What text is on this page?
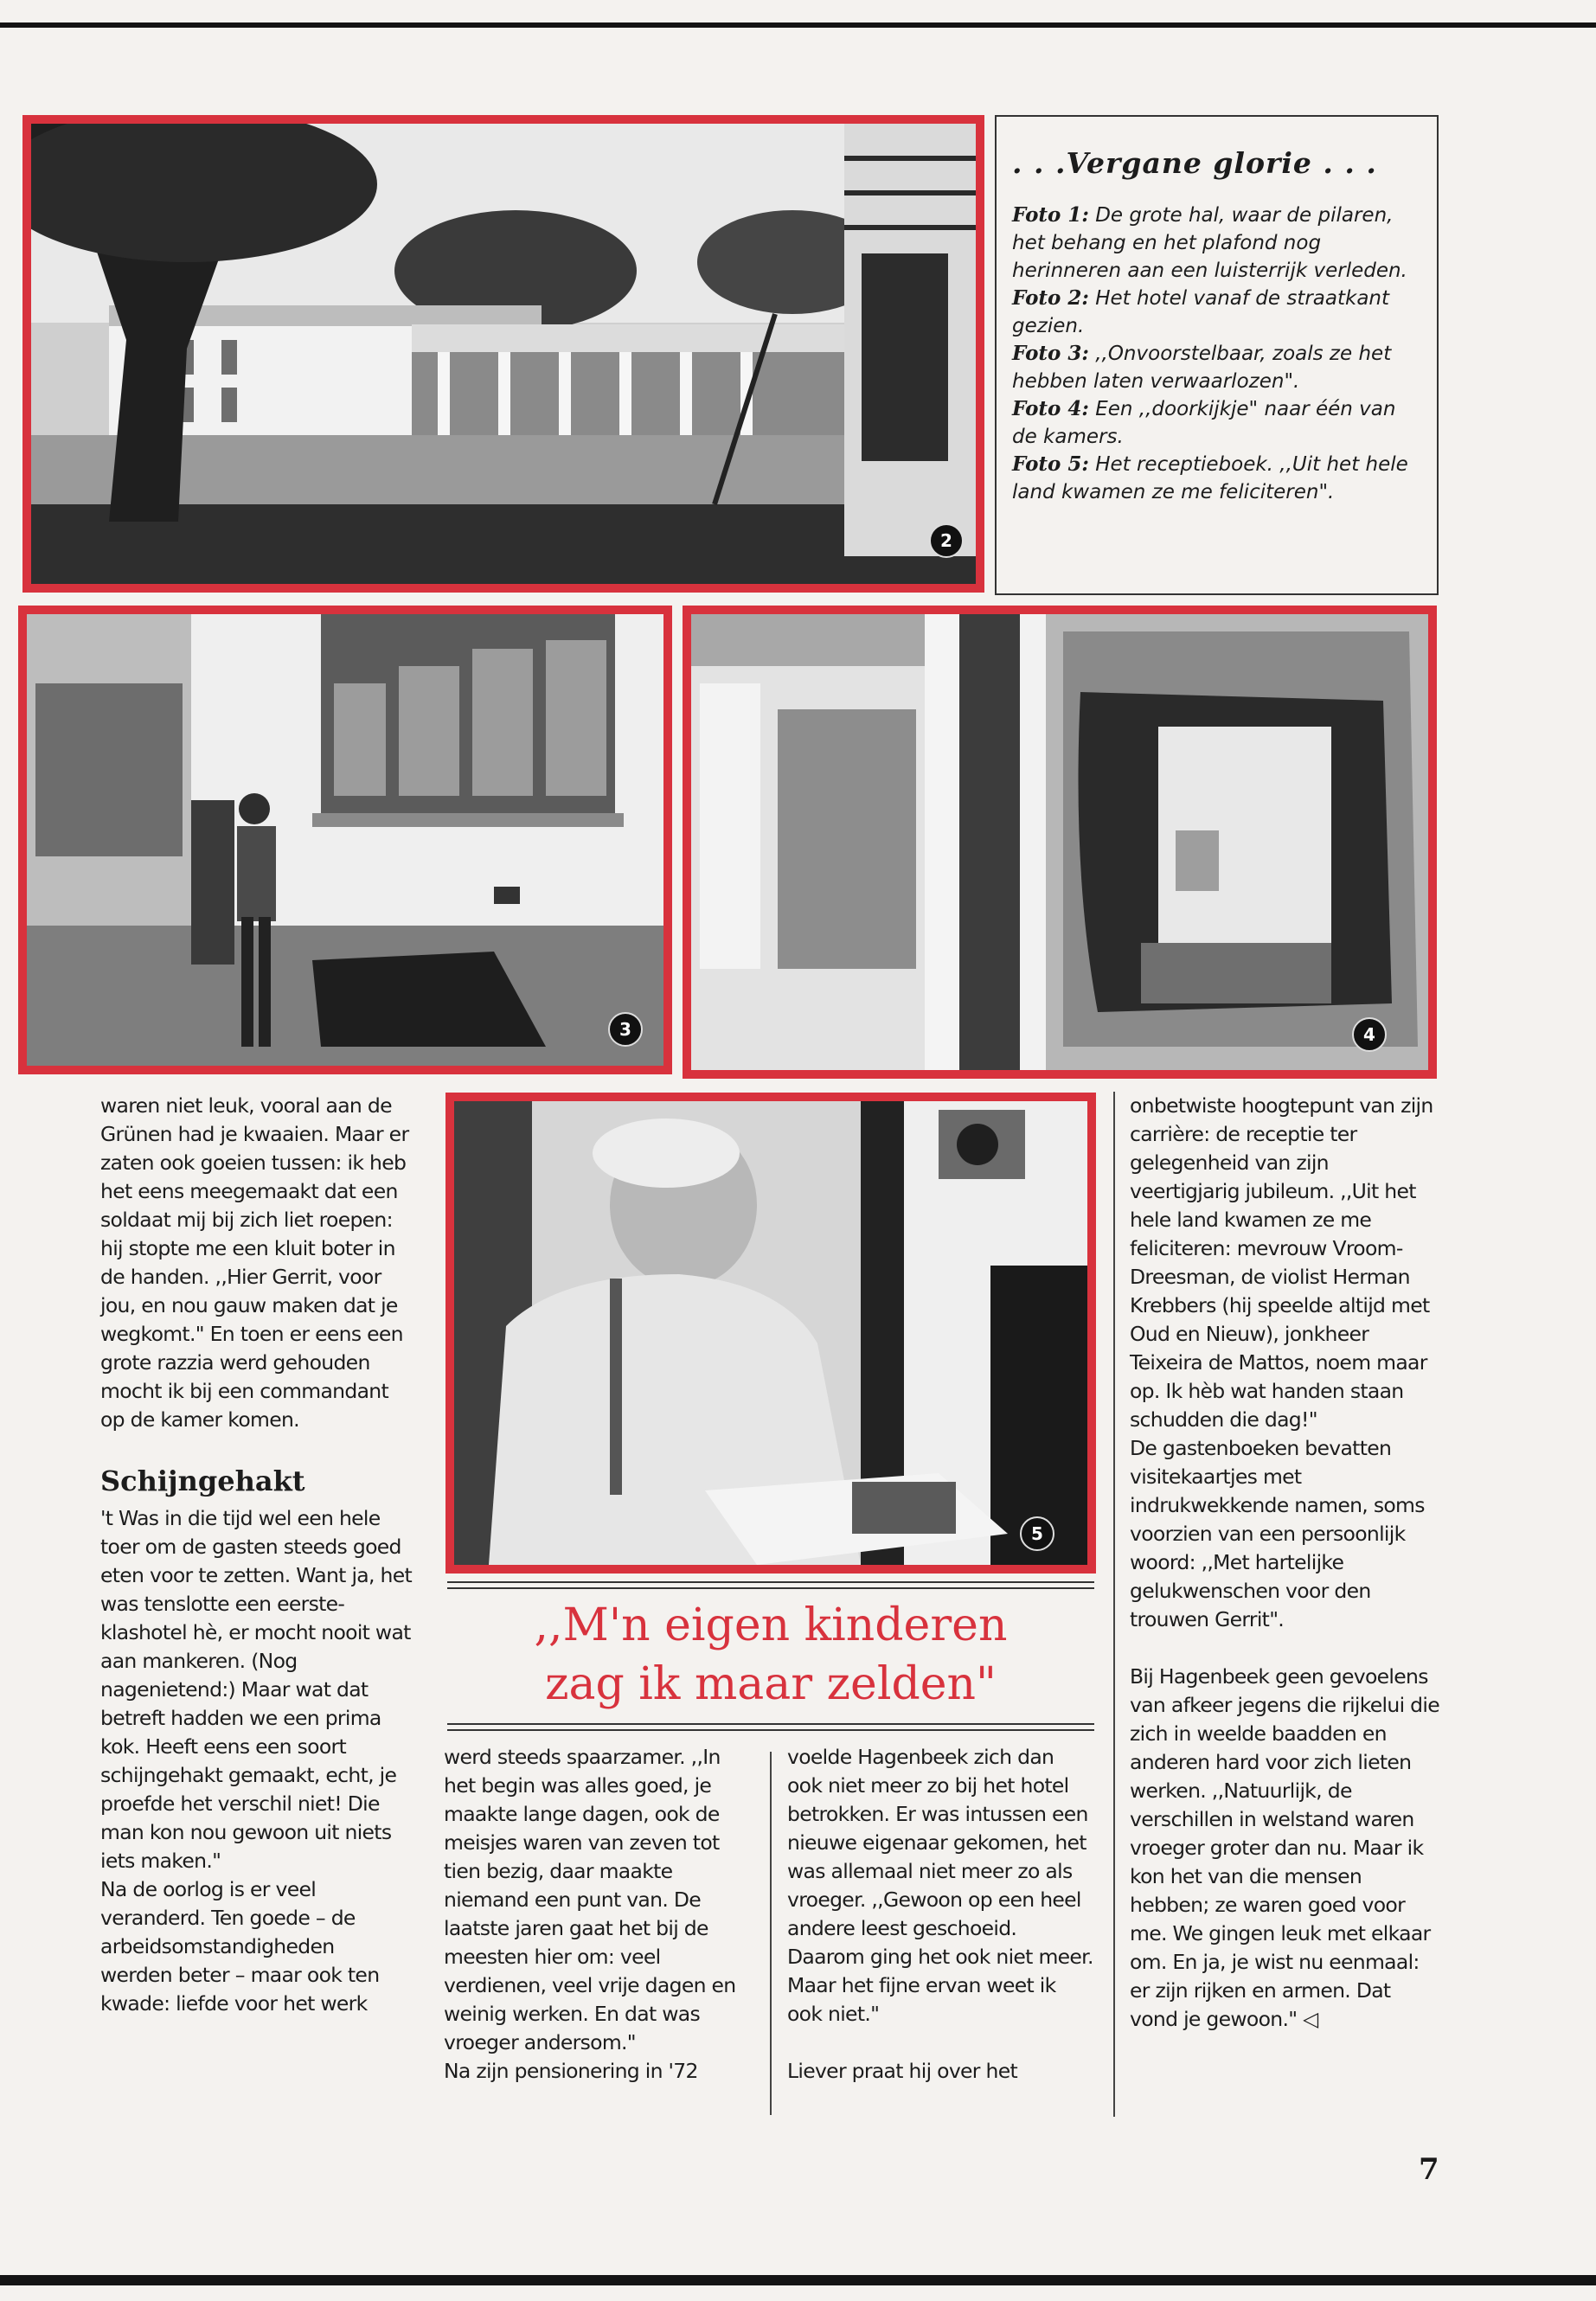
2
. . .Vergane glorie . . .
Foto 1: De grote hal, waar de pilaren, het behang en het plafond nog herinneren aan een luisterrijk verleden.
Foto 2: Het hotel vanaf de straatkant gezien.
Foto 3: ,,Onvoorstelbaar, zoals ze het hebben laten verwaarlozen".
Foto 4: Een ,,doorkijkje" naar één van de kamers.
Foto 5: Het receptieboek. ,,Uit het hele land kwamen ze me feliciteren".
3	4
5

waren niet leuk, vooral aan de Grünen had je kwaaien. Maar er zaten ook goeien tussen: ik heb het eens meegemaakt dat een soldaat mij bij zich liet roepen: hij stopte me een kluit boter in de handen. ,,Hier Gerrit, voor jou, en nou gauw maken dat je wegkomt." En toen er eens een grote razzia werd gehouden mocht ik bij een commandant op de kamer komen.

Schijngehakt

't Was in die tijd wel een hele toer om de gasten steeds goed eten voor te zetten. Want ja, het was tenslotte een eerste-klashotel hè, er mocht nooit wat aan mankeren. (Nog nagenietend:) Maar wat dat betreft hadden we een prima kok. Heeft eens een soort schijngehakt gemaakt, echt, je proefde het verschil niet! Die man kon nou gewoon uit niets iets maken."

Na de oorlog is er veel veranderd. Ten goede – de arbeidsomstandigheden werden beter – maar ook ten kwade: liefde voor het werk

,,M'n eigen kinderen
zag ik maar zelden"

werd steeds spaarzamer. ,,In het begin was alles goed, je maakte lange dagen, ook de meisjes waren van zeven tot tien bezig, daar maakte niemand een punt van. De laatste jaren gaat het bij de meesten hier om: veel verdienen, veel vrije dagen en weinig werken. En dat was vroeger andersom."

Na zijn pensionering in '72

voelde Hagenbeek zich dan ook niet meer zo bij het hotel betrokken. Er was intussen een nieuwe eigenaar gekomen, het was allemaal niet meer zo als vroeger. ,,Gewoon op een heel andere leest geschoeid. Daarom ging het ook niet meer. Maar het fijne ervan weet ik ook niet."

Liever praat hij over het

onbetwiste hoogtepunt van zijn carrière: de receptie ter gelegenheid van zijn veertigjarig jubileum. ,,Uit het hele land kwamen ze me feliciteren: mevrouw Vroom-Dreesman, de violist Herman Krebbers (hij speelde altijd met Oud en Nieuw), jonkheer Teixeira de Mattos, noem maar op. Ik hèb wat handen staan schudden die dag!"

De gastenboeken bevatten visitekaartjes met indrukwekkende namen, soms voorzien van een persoonlijk woord: ,,Met hartelijke gelukwenschen voor den trouwen Gerrit".

Bij Hagenbeek geen gevoelens van afkeer jegens die rijkelui die zich in weelde baadden en anderen hard voor zich lieten werken. ,,Natuurlijk, de verschillen in welstand waren vroeger groter dan nu. Maar ik kon het van die mensen hebben; ze waren goed voor me. We gingen leuk met elkaar om. En ja, je wist nu eenmaal: er zijn rijken en armen. Dat vond je gewoon." ◁

7
